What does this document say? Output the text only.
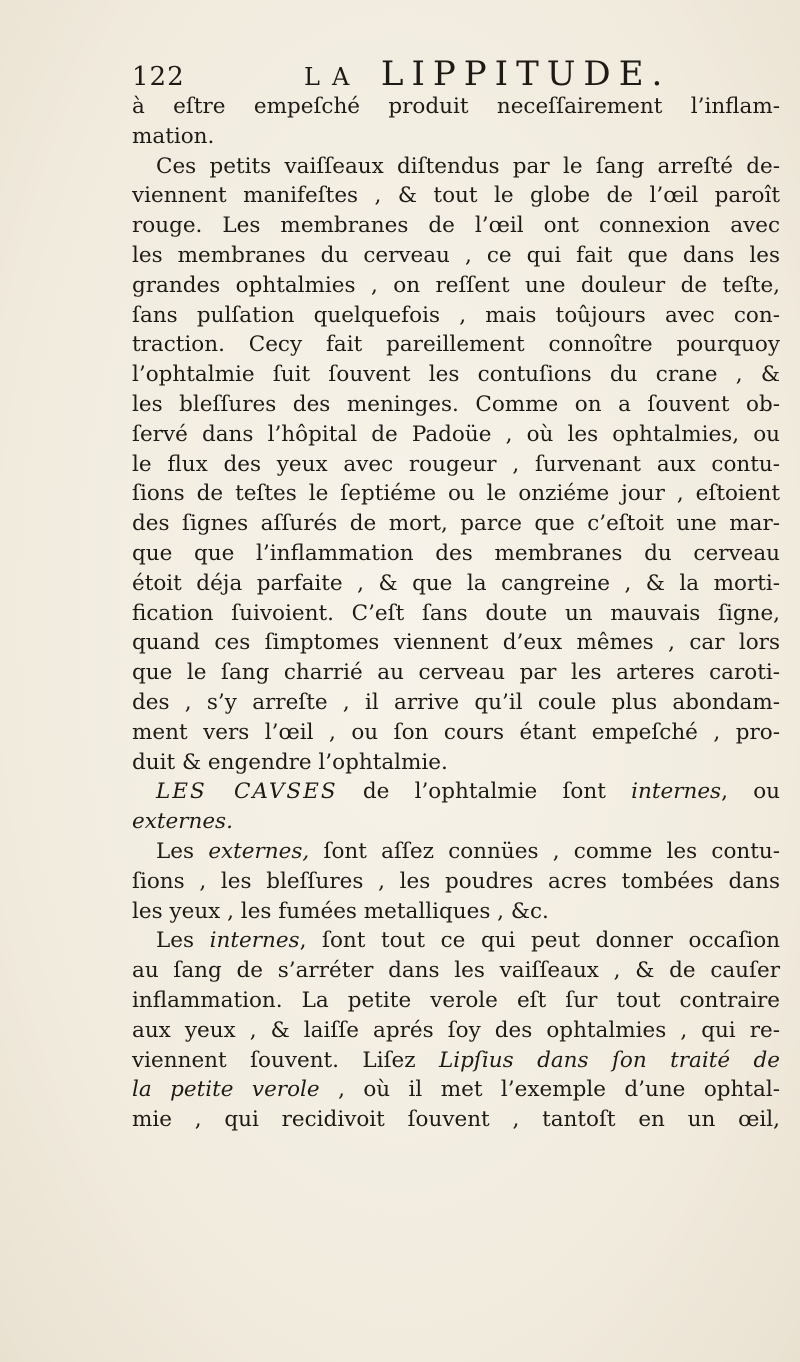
122	LA LIPPITUDE.
à eſtre empeſché produit neceſſairement l’inflam-
mation.
Ces petits vaiſſeaux diſtendus par le ſang arreſté de-
viennent manifeſtes , & tout le globe de l’œil paroît
rouge. Les membranes de l’œil ont connexion avec
les membranes du cerveau , ce qui fait que dans les
grandes ophtalmies , on reſſent une douleur de teſte,
ſans pulſation quelquefois , mais toûjours avec con-
traction. Cecy fait pareillement connoître pourquoy
l’ophtalmie ſuit ſouvent les contuſions du crane , &
les bleſſures des meninges. Comme on a ſouvent ob-
ſervé dans l’hôpital de Padoüe , où les ophtalmies, ou
le flux des yeux avec rougeur , ſurvenant aux contu-
ſions de teſtes le ſeptiéme ou le onziéme jour , eſtoient
des ſignes aſſurés de mort, parce que c’eſtoit une mar-
que que l’inflammation des membranes du cerveau
étoit déja parfaite , & que la cangreine , & la morti-
fication ſuivoient. C’eſt ſans doute un mauvais ſigne,
quand ces ſimptomes viennent d’eux mêmes , car lors
que le ſang charrié au cerveau par les arteres caroti-
des , s’y arreſte , il arrive qu’il coule plus abondam-
ment vers l’œil , ou ſon cours étant empeſché , pro-
duit & engendre l’ophtalmie.
LES CAVSES de l’ophtalmie ſont internes, ou
externes.
Les externes, ſont aſſez connües , comme les contu-
ſions , les bleſſures , les poudres acres tombées dans
les yeux , les fumées metalliques , &c.
Les internes, ſont tout ce qui peut donner occaſion
au ſang de s’arréter dans les vaiſſeaux , & de cauſer
inflammation. La petite verole eſt ſur tout contraire
aux yeux , & laiſſe aprés ſoy des ophtalmies , qui re-
viennent ſouvent. Liſez Lipſius dans ſon traité de
la petite verole , où il met l’exemple d’une ophtal-
mie , qui recidivoit ſouvent , tantoſt en un œil,
